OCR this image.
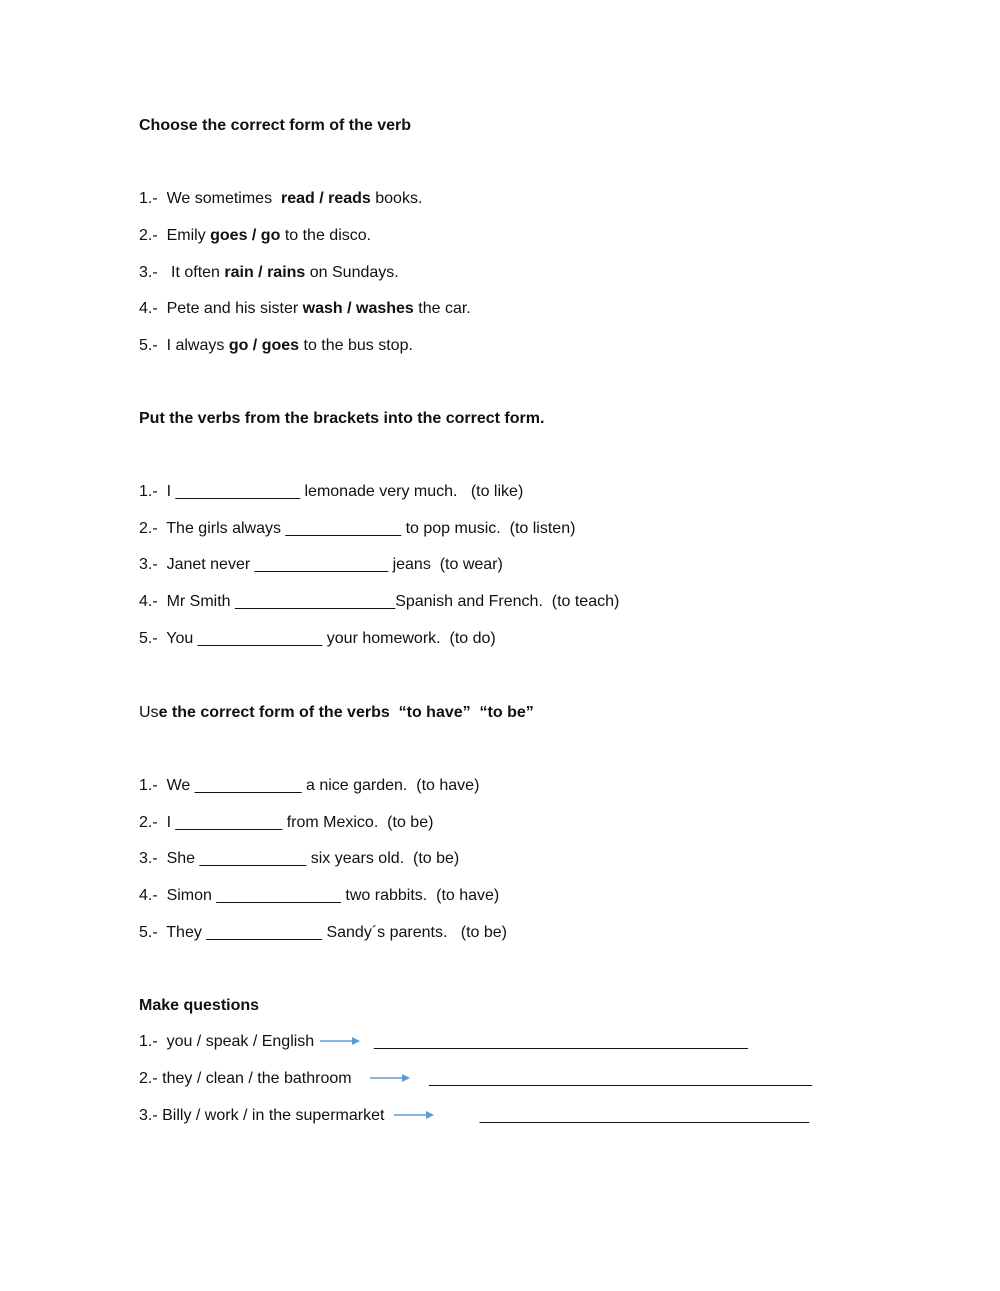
Choose the correct form of the verb
1.- We sometimes read / reads books.
2.- Emily goes / go to the disco.
3.- It often rain / rains on Sundays.
4.- Pete and his sister wash / washes the car.
5.- I always go / goes to the bus stop.
Put the verbs from the brackets into the correct form.
1.- I ______________ lemonade very much. (to like)
2.- The girls always _____________ to pop music. (to listen)
3.- Janet never _______________ jeans (to wear)
4.- Mr Smith __________________Spanish and French. (to teach)
5.- You ______________ your homework. (to do)
Use the correct form of the verbs  “to have”  “to be”
1.- We ____________ a nice garden. (to have)
2.- I ____________ from Mexico. (to be)
3.- She ____________ six years old. (to be)
4.- Simon ______________ two rabbits. (to have)
5.- They _____________ Sandy´s parents. (to be)
Make questions
1.- you / speak / English	__________________________________________
2.- they / clean / the bathroom	___________________________________________
3.- Billy / work / in the supermarket	_____________________________________
